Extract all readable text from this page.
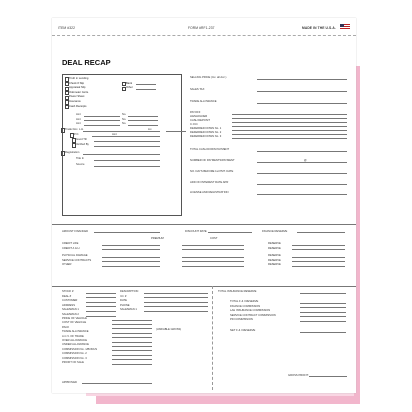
ITEM #322	FORM #RF1-237	MADE IN THE U.S.A.
DEAL RECAP
Truth in Lending
Check # Slip	Bank
Appraisal Slip	Other
Odometer Certs.
Power Sheet
Insurance
Cash Receipts
Amt	No.
Amt	No.
Amt	No.
Trade Doc. L.H.	Lic.
P.O.	Amt
Good Till
Verified By
Registration
Title In
Source
SELLING PRICE (Inc. all Acc.)
SALES TAX
TRADE ALLOWANCE
PAYOFF
LIENHOLDER
CASH DEPOSIT
C.O.D.
DEFERRED DOWN No. 1
DEFERRED DOWN No. 2
DEFERRED DOWN No. 3
TOTAL CASH DOWN PAYMENT
NUMBER OF PAYMENTS/PAYMENT
NO. DAYS BEFORE 1st PMT. DATE
ADD ON INTEREST RATE APR
LICENSE AND REGISTRATION
@
AMOUNT FINANCED	DISCOUNT RATE	FINANCE RESERVE
PREMIUM	COST
CREDIT LIFE	RESERVE
CREDIT A & H	RESERVE
PHYSICAL DAMAGE	RESERVE
SERVICE CONTRACTS	RESERVE
OTHER	RESERVE
STOCK #	DESCRIPTION
DEAL #	I.D. #
CUSTOMER	DATE
ADDRESS	PHONE
SALESMAN 1	SALESMAN 1
SALESMAN 2
TOTAL INSURANCE RESERVE
TOTAL F & I RESERVE
FINANCE COMMISSION
LAH INSURANCE COMMISSION
SERVICE CONTRACT COMMISSION
PDI COMMISSION
NET F & I RESERVE
PRICE OF VEHICLE
COST OF VEHICLE
PACK
TRADE ALLOWANCE
A.C.V. OF TRADE
OVER ALLOWANCE
UNDER ALLOWANCE
COMMISSION No. 1/BONUS
COMMISSION No. 2
COMMISSION No. 3
PROFIT OF SALE
(VARIABLE GROSS)
GROSS PROFIT:
APPROVED
